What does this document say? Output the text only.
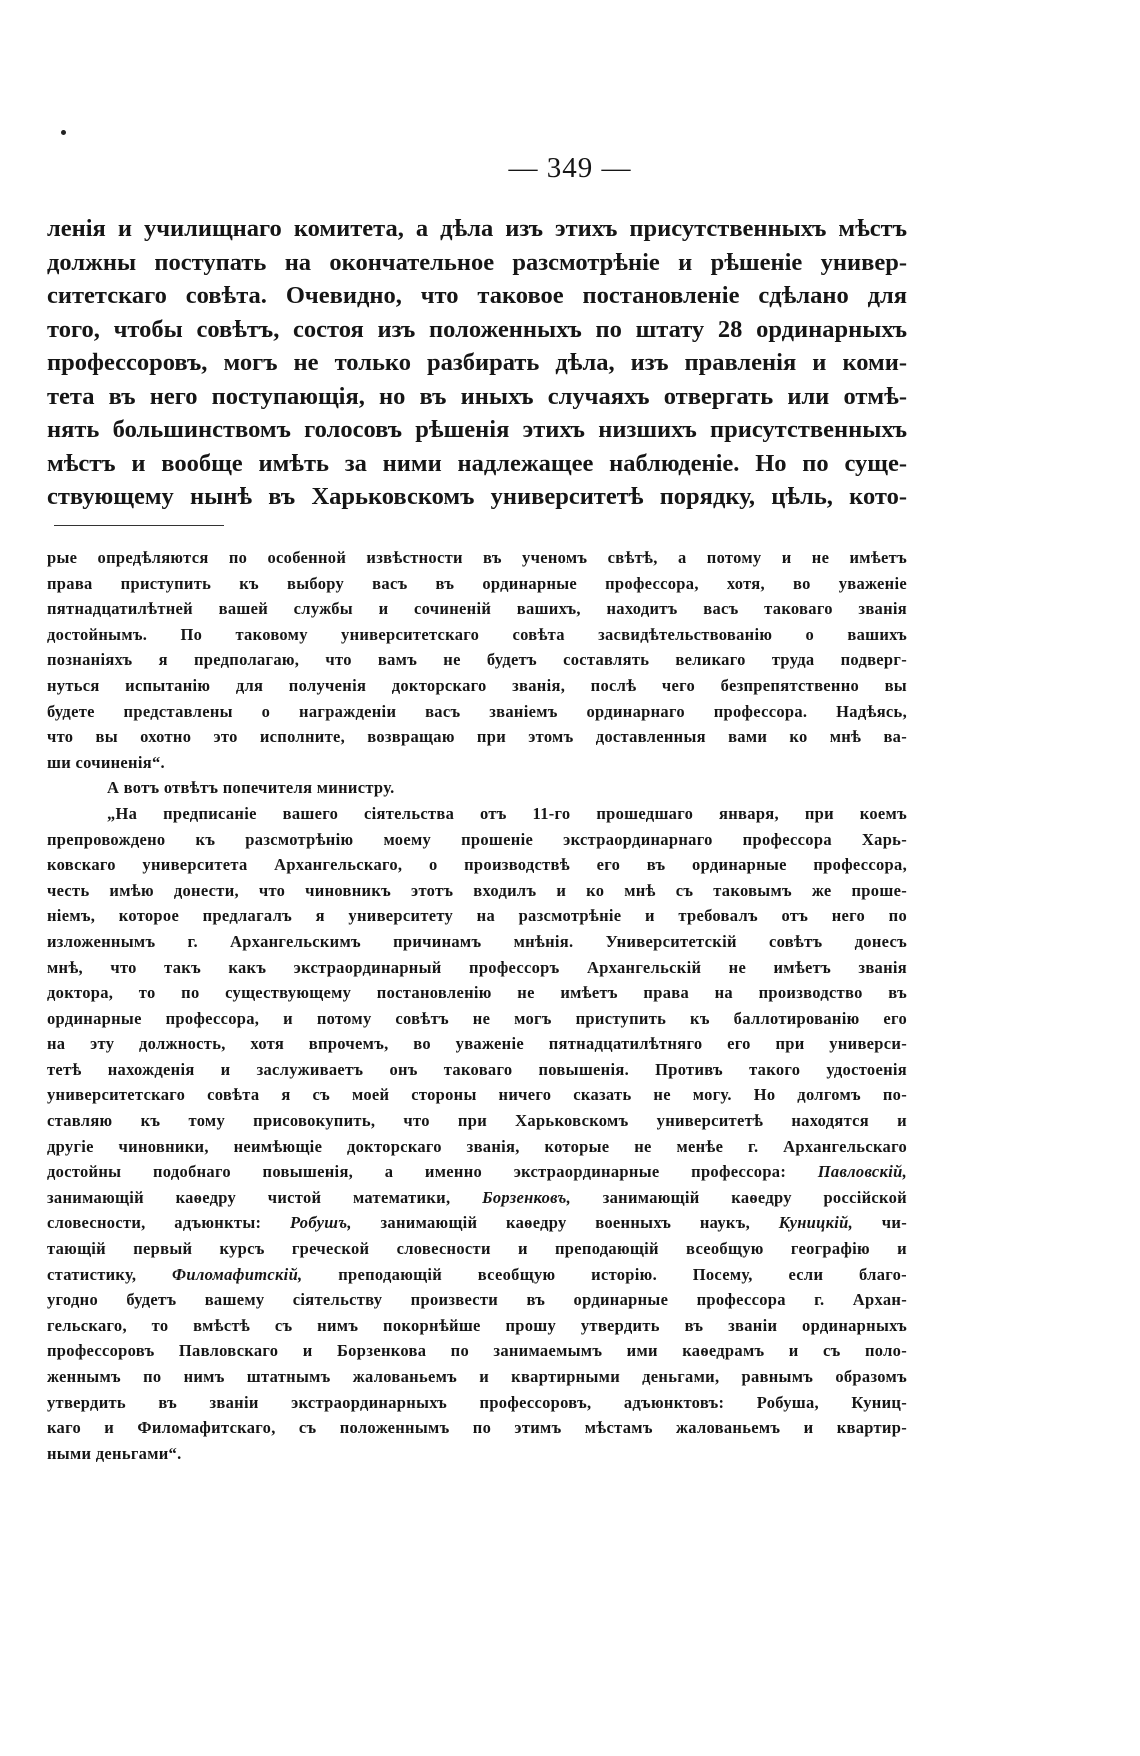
— 349 —
ленія и училищнаго комитета, а дѣла изъ этихъ присутственныхъ мѣстъ
должны поступать на окончательное разсмотрѣніе и рѣшеніе универ-
ситетскаго совѣта. Очевидно, что таковое постановленіе сдѣлано для
того, чтобы совѣтъ, состоя изъ положенныхъ по штату 28 ординарныхъ
профессоровъ, могъ не только разбирать дѣла, изъ правленія и коми-
тета въ него поступающія, но въ иныхъ случаяхъ отвергать или отмѣ-
нять большинствомъ голосовъ рѣшенія этихъ низшихъ присутственныхъ
мѣстъ и вообще имѣть за ними надлежащее наблюденіе. Но по суще-
ствующему нынѣ въ Харьковскомъ университетѣ порядку, цѣль, кото-
рые опредѣляются по особенной извѣстности въ ученомъ свѣтѣ, а потому и не имѣетъ
права приступить къ выбору васъ въ ординарные профессора, хотя, во уваженіе
пятнадцатилѣтней вашей службы и сочиненій вашихъ, находитъ васъ таковаго званія
достойнымъ. По таковому университетскаго совѣта засвидѣтельствованію о вашихъ
познаніяхъ я предполагаю, что вамъ не будетъ составлять великаго труда подверг-
нуться испытанію для полученія докторскаго званія, послѣ чего безпрепятственно вы
будете представлены о награжденіи васъ званіемъ ординарнаго профессора. Надѣясь,
что вы охотно это исполните, возвращаю при этомъ доставленныя вами ко мнѣ ва-
ши сочиненія“.
А вотъ отвѣтъ попечителя министру.
„На предписаніе вашего сіятельства отъ 11-го прошедшаго января, при коемъ
препровождено къ разсмотрѣнію моему прошеніе экстраординарнаго профессора Харь-
ковскаго университета Архангельскаго, о производствѣ его въ ординарные профессора,
честь имѣю донести, что чиновникъ этотъ входилъ и ко мнѣ съ таковымъ же проше-
ніемъ, которое предлагалъ я университету на разсмотрѣніе и требовалъ отъ него по
изложеннымъ г. Архангельскимъ причинамъ мнѣнія. Университетскій совѣтъ донесъ
мнѣ, что такъ какъ экстраординарный профессоръ Архангельскій не имѣетъ званія
доктора, то по существующему постановленію не имѣетъ права на производство въ
ординарные профессора, и потому совѣтъ не могъ приступить къ баллотированію его
на эту должность, хотя впрочемъ, во уваженіе пятнадцатилѣтняго его при универси-
тетѣ нахожденія и заслуживаетъ онъ таковаго повышенія. Противъ такого удостоенія
университетскаго совѣта я съ моей стороны ничего сказать не могу. Но долгомъ по-
ставляю къ тому присовокупить, что при Харьковскомъ университетѣ находятся и
другіе чиновники, неимѣющіе докторскаго званія, которые не менѣе г. Архангельскаго
достойны подобнаго повышенія, а именно экстраординарные профессора: Павловскій,
занимающій каѳедру чистой математики, Борзенковъ, занимающій каѳедру россійской
словесности, адъюнкты: Робушъ, занимающій каѳедру военныхъ наукъ, Куницкій, чи-
тающій первый курсъ греческой словесности и преподающій всеобщую географію и
статистику, Филомафитскій, преподающій всеобщую исторію. Посему, если благо-
угодно будетъ вашему сіятельству произвести въ ординарные профессора г. Архан-
гельскаго, то вмѣстѣ съ нимъ покорнѣйше прошу утвердить въ званіи ординарныхъ
профессоровъ Павловскаго и Борзенкова по занимаемымъ ими каѳедрамъ и съ поло-
женнымъ по нимъ штатнымъ жалованьемъ и квартирными деньгами, равнымъ образомъ
утвердить въ званіи экстраординарныхъ профессоровъ, адъюнктовъ: Робуша, Куниц-
каго и Филомафитскаго, съ положеннымъ по этимъ мѣстамъ жалованьемъ и квартир-
ными деньгами“.
